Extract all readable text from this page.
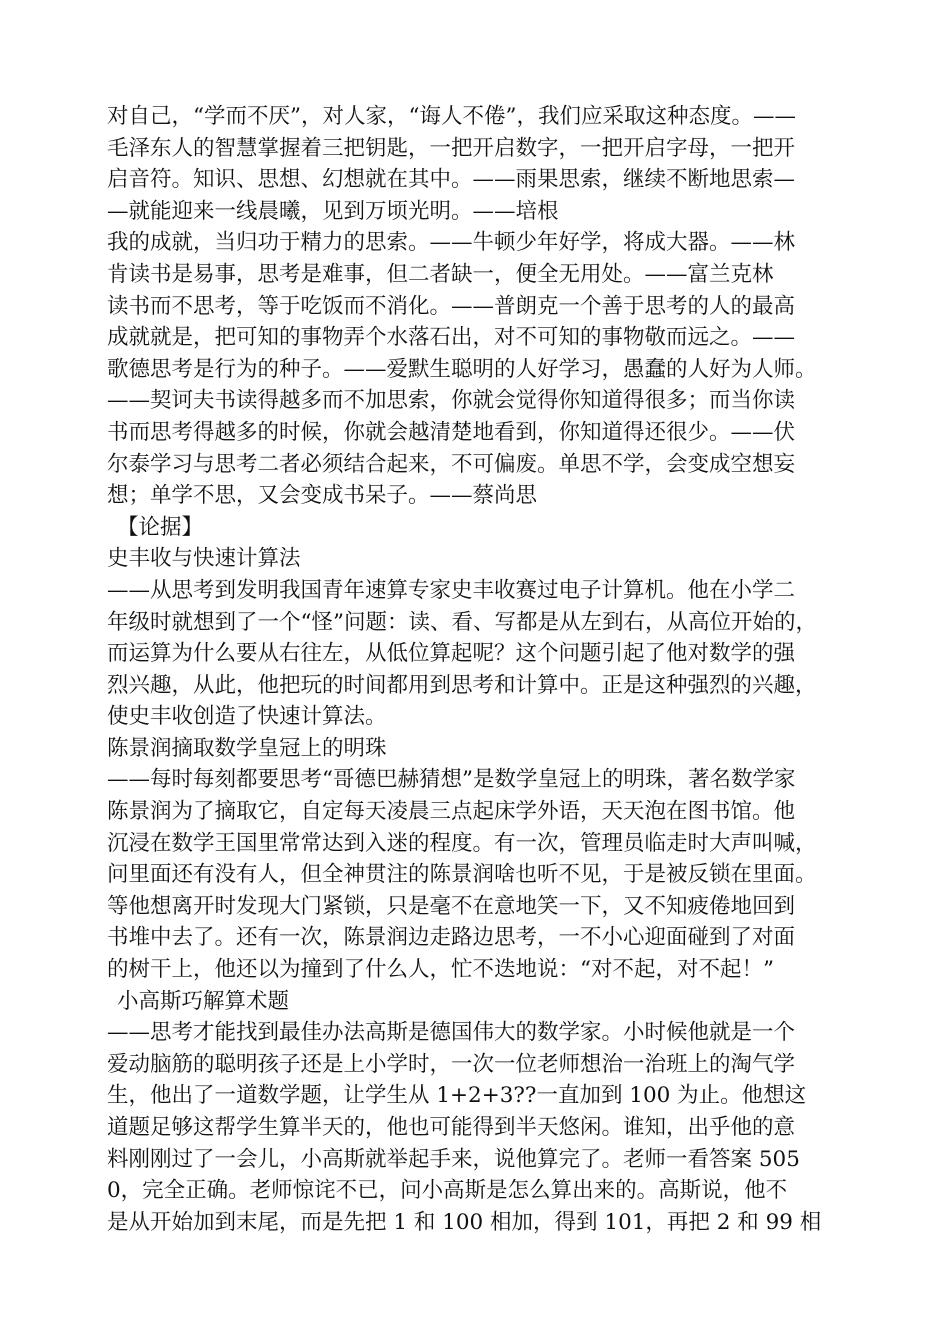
对自己，“学而不厌”，对人家，“诲人不倦”，我们应采取这种态度。——
毛泽东人的智慧掌握着三把钥匙，一把开启数字，一把开启字母，一把开
启音符。知识、思想、幻想就在其中。——雨果思索，继续不断地思索—
—就能迎来一线晨曦，见到万顷光明。——培根
我的成就，当归功于精力的思索。——牛顿少年好学，将成大器。——林
肯读书是易事，思考是难事，但二者缺一，便全无用处。——富兰克林
读书而不思考，等于吃饭而不消化。——普朗克一个善于思考的人的最高
成就就是，把可知的事物弄个水落石出，对不可知的事物敬而远之。——
歌德思考是行为的种子。——爱默生聪明的人好学习，愚蠢的人好为人师。
——契诃夫书读得越多而不加思索，你就会觉得你知道得很多；而当你读
书而思考得越多的时候，你就会越清楚地看到，你知道得还很少。——伏
尔泰学习与思考二者必须结合起来，不可偏废。单思不学，会变成空想妄
想；单学不思，又会变成书呆子。——蔡尚思
【论据】
史丰收与快速计算法
——从思考到发明我国青年速算专家史丰收赛过电子计算机。他在小学二
年级时就想到了一个“怪”问题：读、看、写都是从左到右，从高位开始的，
而运算为什么要从右往左，从低位算起呢？这个问题引起了他对数学的强
烈兴趣，从此，他把玩的时间都用到思考和计算中。正是这种强烈的兴趣，
使史丰收创造了快速计算法。
陈景润摘取数学皇冠上的明珠
——每时每刻都要思考“哥德巴赫猜想”是数学皇冠上的明珠，著名数学家
陈景润为了摘取它，自定每天凌晨三点起床学外语，天天泡在图书馆。他
沉浸在数学王国里常常达到入迷的程度。有一次，管理员临走时大声叫喊，
问里面还有没有人，但全神贯注的陈景润啥也听不见，于是被反锁在里面。
等他想离开时发现大门紧锁，只是毫不在意地笑一下，又不知疲倦地回到
书堆中去了。还有一次，陈景润边走路边思考，一不小心迎面碰到了对面
的树干上，他还以为撞到了什么人，忙不迭地说：“对不起，对不起！”
小高斯巧解算术题
——思考才能找到最佳办法高斯是德国伟大的数学家。小时候他就是一个
爱动脑筋的聪明孩子还是上小学时，一次一位老师想治一治班上的淘气学
生，他出了一道数学题，让学生从 1+2+3??一直加到 100 为止。他想这
道题足够这帮学生算半天的，他也可能得到半天悠闲。谁知，出乎他的意
料刚刚过了一会儿，小高斯就举起手来，说他算完了。老师一看答案 505
0，完全正确。老师惊诧不已，问小高斯是怎么算出来的。高斯说，他不
是从开始加到末尾，而是先把 1 和 100 相加，得到 101，再把 2 和 99 相
